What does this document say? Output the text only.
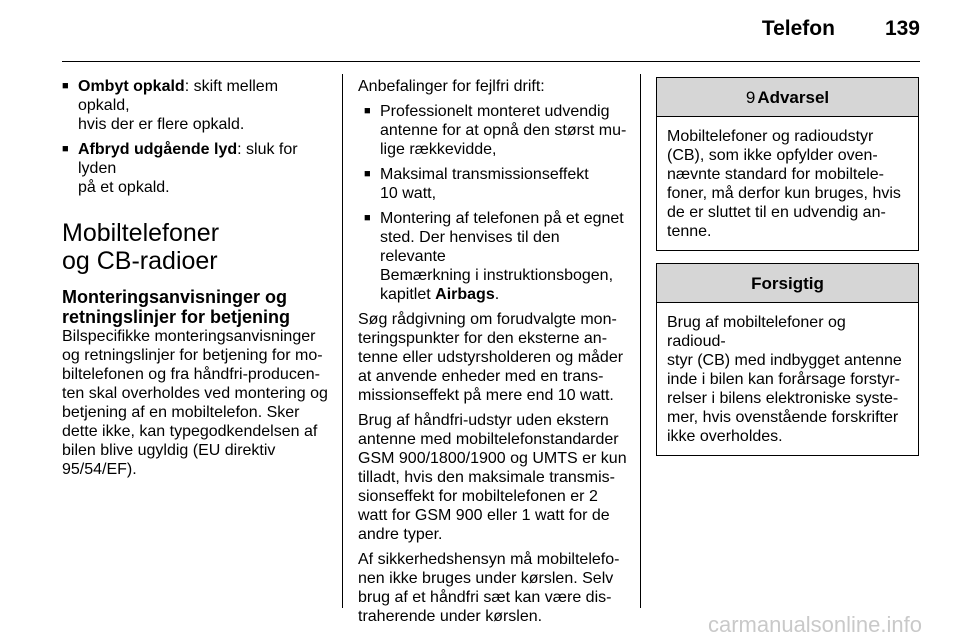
Telefon 139
■ Ombyt opkald: skift mellem opkald,
hvis der er flere opkald.
■ Afbryd udgående lyd: sluk for lyden
på et opkald.
Mobiltelefoner
og CB-radioer
Monteringsanvisninger og
retningslinjer for betjening

Bilspecifikke monteringsanvisninger
og retningslinjer for betjening for mo-
biltelefonen og fra håndfri-producen-
ten skal overholdes ved montering og
betjening af en mobiltelefon. Sker
dette ikke, kan typegodkendelsen af
bilen blive ugyldig (EU direktiv
95/54/EF).

Anbefalinger for fejlfri drift:

■ Professionelt monteret udvendig
antenne for at opnå den størst mu-
lige rækkevidde,
■ Maksimal transmissionseffekt
10 watt,
■ Montering af telefonen på et egnet
sted. Der henvises til den relevante
Bemærkning i instruktionsbogen,
kapitlet Airbags.

Søg rådgivning om forudvalgte mon-
teringspunkter for den eksterne an-
tenne eller udstyrsholderen og måder
at anvende enheder med en trans-
missionseffekt på mere end 10 watt.

Brug af håndfri-udstyr uden ekstern
antenne med mobiltelefonstandarder
GSM 900/1800/1900 og UMTS er kun
tilladt, hvis den maksimale transmis-
sionseffekt for mobiltelefonen er 2
watt for GSM 900 eller 1 watt for de
andre typer.

Af sikkerhedshensyn må mobiltelefo-
nen ikke bruges under kørslen. Selv
brug af et håndfri sæt kan være dis-
traherende under kørslen.

9 Advarsel
Mobiltelefoner og radioudstyr
(CB), som ikke opfylder oven-
nævnte standard for mobiltele-
foner, må derfor kun bruges, hvis
de er sluttet til en udvendig an-
tenne.
Forsigtig
Brug af mobiltelefoner og radioud-
styr (CB) med indbygget antenne
inde i bilen kan forårsage forstyr-
relser i bilens elektroniske syste-
mer, hvis ovenstående forskrifter
ikke overholdes.
carmanualsonline.info
